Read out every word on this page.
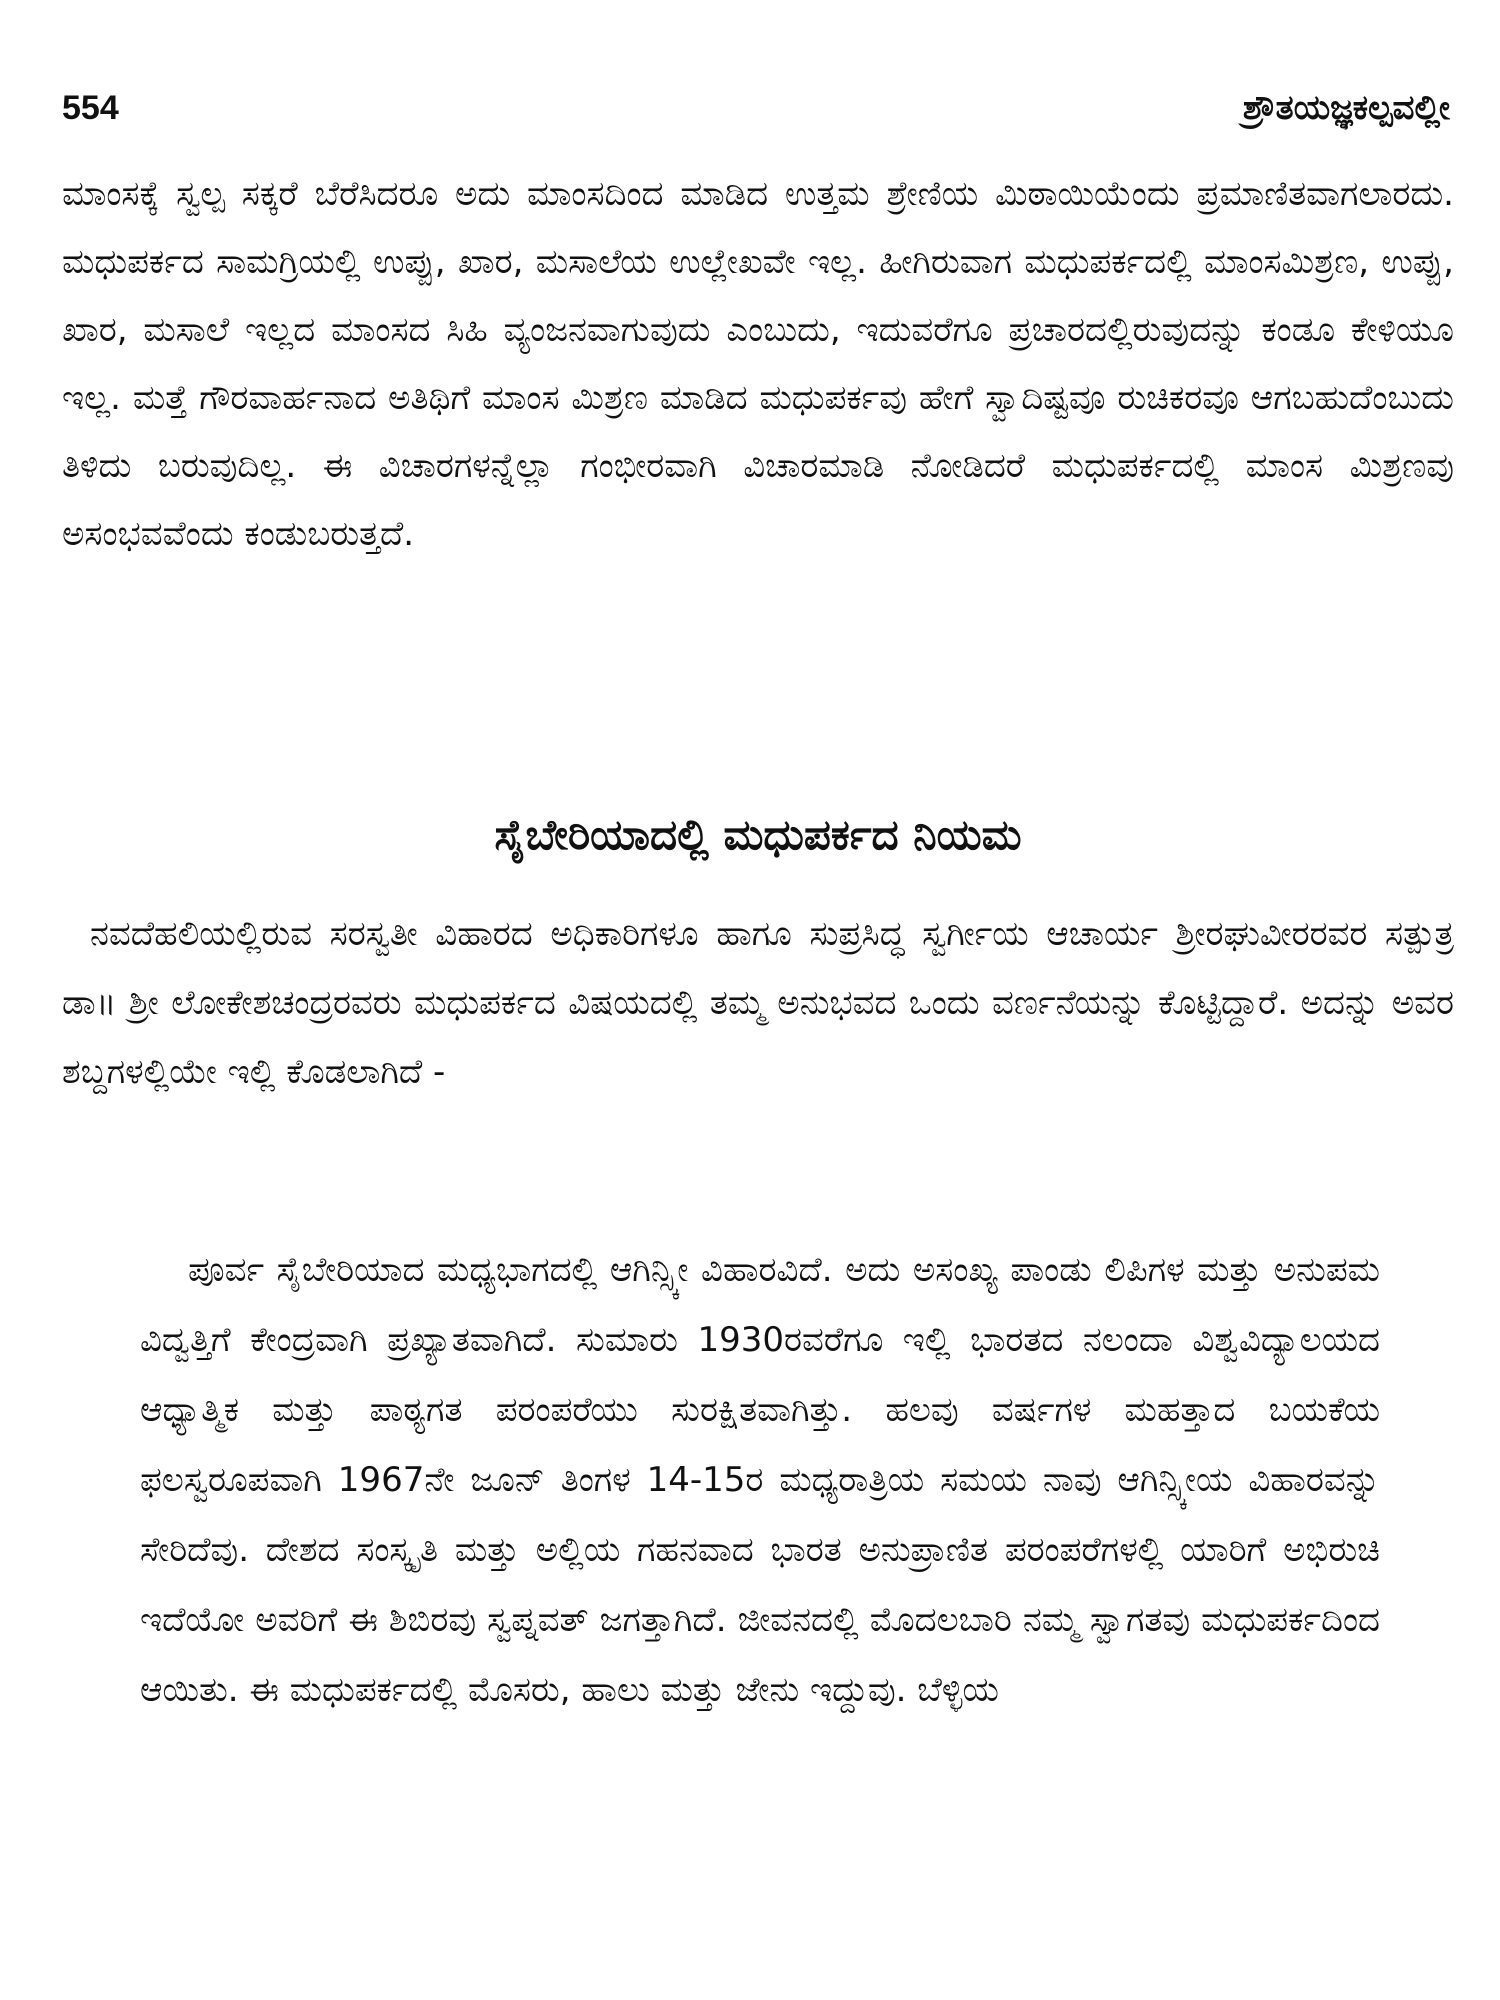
554	ಶ್ರೌತಯಜ್ಞಕಲ್ಪವಲ್ಲೀ

ಮಾಂಸಕ್ಕೆ ಸ್ವಲ್ಪ ಸಕ್ಕರೆ ಬೆರೆಸಿದರೂ ಅದು ಮಾಂಸದಿಂದ ಮಾಡಿದ ಉತ್ತಮ ಶ್ರೇಣಿಯ ಮಿಠಾಯಿಯೆಂದು ಪ್ರಮಾಣಿತವಾಗಲಾರದು. ಮಧುಪರ್ಕದ ಸಾಮಗ್ರಿಯಲ್ಲಿ ಉಪ್ಪು, ಖಾರ, ಮಸಾಲೆಯ ಉಲ್ಲೇಖವೇ ಇಲ್ಲ. ಹೀಗಿರುವಾಗ ಮಧುಪರ್ಕದಲ್ಲಿ ಮಾಂಸಮಿಶ್ರಣ, ಉಪ್ಪು, ಖಾರ, ಮಸಾಲೆ ಇಲ್ಲದ ಮಾಂಸದ ಸಿಹಿ ವ್ಯಂಜನವಾಗುವುದು ಎಂಬುದು, ಇದುವರೆಗೂ ಪ್ರಚಾರದಲ್ಲಿರುವುದನ್ನು ಕಂಡೂ ಕೇಳಿಯೂ ಇಲ್ಲ. ಮತ್ತೆ ಗೌರವಾರ್ಹನಾದ ಅತಿಥಿಗೆ ಮಾಂಸ ಮಿಶ್ರಣ ಮಾಡಿದ ಮಧುಪರ್ಕವು ಹೇಗೆ ಸ್ವಾದಿಷ್ಟವೂ ರುಚಿಕರವೂ ಆಗಬಹುದೆಂಬುದು ತಿಳಿದು ಬರುವುದಿಲ್ಲ. ಈ ವಿಚಾರಗಳನ್ನೆಲ್ಲಾ ಗಂಭೀರವಾಗಿ ವಿಚಾರಮಾಡಿ ನೋಡಿದರೆ ಮಧುಪರ್ಕದಲ್ಲಿ ಮಾಂಸ ಮಿಶ್ರಣವು ಅಸಂಭವವೆಂದು ಕಂಡುಬರುತ್ತದೆ.

ಸೈಬೇರಿಯಾದಲ್ಲಿ ಮಧುಪರ್ಕದ ನಿಯಮ

ನವದೆಹಲಿಯಲ್ಲಿರುವ ಸರಸ್ವತೀ ವಿಹಾರದ ಅಧಿಕಾರಿಗಳೂ ಹಾಗೂ ಸುಪ್ರಸಿದ್ಧ ಸ್ವರ್ಗೀಯ ಆಚಾರ್ಯ ಶ್ರೀರಘುವೀರರವರ ಸತ್ಪುತ್ರ ಡಾ॥ ಶ್ರೀ ಲೋಕೇಶಚಂದ್ರರವರು ಮಧುಪರ್ಕದ ವಿಷಯದಲ್ಲಿ ತಮ್ಮ ಅನುಭವದ ಒಂದು ವರ್ಣನೆಯನ್ನು ಕೊಟ್ಟಿದ್ದಾರೆ. ಅದನ್ನು ಅವರ ಶಬ್ದಗಳಲ್ಲಿಯೇ ಇಲ್ಲಿ ಕೊಡಲಾಗಿದೆ -

ಪೂರ್ವ ಸೈಬೇರಿಯಾದ ಮಧ್ಯಭಾಗದಲ್ಲಿ ಆಗಿನ್ಸ್ಕೀ ವಿಹಾರವಿದೆ. ಅದು ಅಸಂಖ್ಯ ಪಾಂಡು ಲಿಪಿಗಳ ಮತ್ತು ಅನುಪಮ ವಿದ್ವತ್ತಿಗೆ ಕೇಂದ್ರವಾಗಿ ಪ್ರಖ್ಯಾತವಾಗಿದೆ. ಸುಮಾರು 1930ರವರೆಗೂ ಇಲ್ಲಿ ಭಾರತದ ನಲಂದಾ ವಿಶ್ವವಿದ್ಯಾಲಯದ ಆಧ್ಯಾತ್ಮಿಕ ಮತ್ತು ಪಾಠ್ಯಗತ ಪರಂಪರೆಯು ಸುರಕ್ಷಿತವಾಗಿತ್ತು. ಹಲವು ವರ್ಷಗಳ ಮಹತ್ತಾದ ಬಯಕೆಯ ಫಲಸ್ವರೂಪವಾಗಿ 1967ನೇ ಜೂನ್ ತಿಂಗಳ 14-15ರ ಮಧ್ಯರಾತ್ರಿಯ ಸಮಯ ನಾವು ಆಗಿನ್ಸ್ಕೀಯ ವಿಹಾರವನ್ನು ಸೇರಿದೆವು. ದೇಶದ ಸಂಸ್ಕೃತಿ ಮತ್ತು ಅಲ್ಲಿಯ ಗಹನವಾದ ಭಾರತ ಅನುಪ್ರಾಣಿತ ಪರಂಪರೆಗಳಲ್ಲಿ ಯಾರಿಗೆ ಅಭಿರುಚಿ ಇದೆಯೋ ಅವರಿಗೆ ಈ ಶಿಬಿರವು ಸ್ವಪ್ನವತ್ ಜಗತ್ತಾಗಿದೆ. ಜೀವನದಲ್ಲಿ ಮೊದಲಬಾರಿ ನಮ್ಮ ಸ್ವಾಗತವು ಮಧುಪರ್ಕದಿಂದ ಆಯಿತು. ಈ ಮಧುಪರ್ಕದಲ್ಲಿ ಮೊಸರು, ಹಾಲು ಮತ್ತು ಜೇನು ಇದ್ದುವು. ಬೆಳ್ಳಿಯ
